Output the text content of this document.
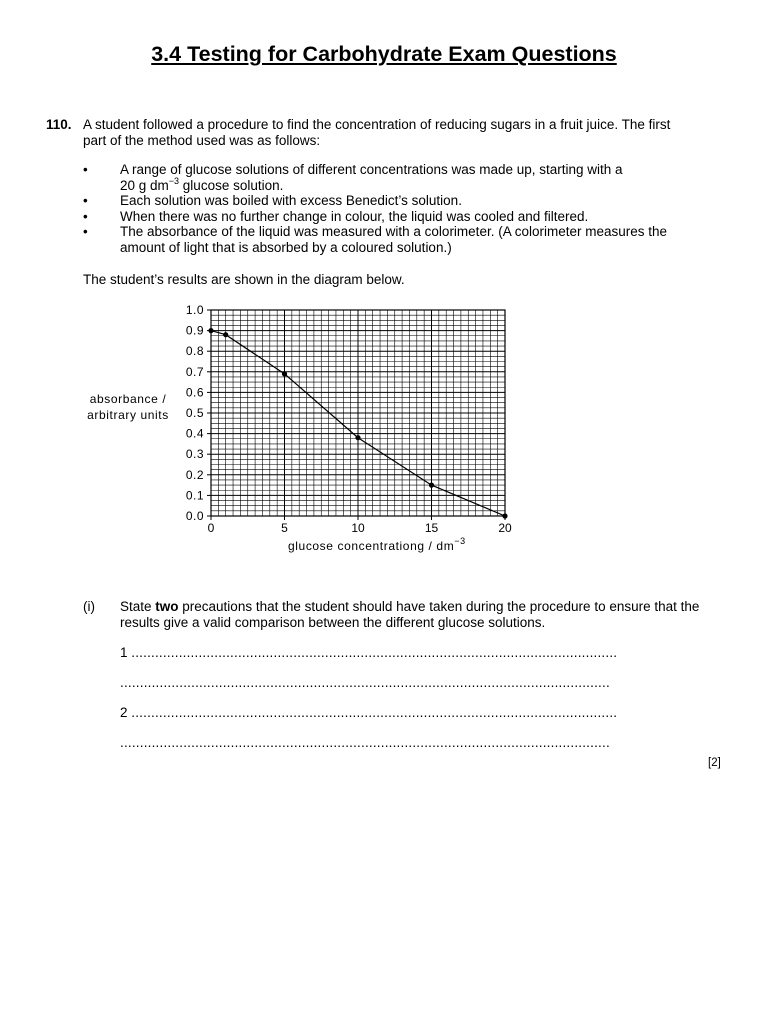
3.4 Testing for Carbohydrate Exam Questions
110. A student followed a procedure to find the concentration of reducing sugars in a fruit juice. The first part of the method used was as follows:
• A range of glucose solutions of different concentrations was made up, starting with a
20 g $dm^{-3}$ glucose solution.
• Each solution was boiled with excess Benedict’s solution.
• When there was no further change in colour, the liquid was cooled and filtered.
• The absorbance of the liquid was measured with a colorimeter. (A colorimeter measures the amount of light that is absorbed by a coloured solution.)
The student’s results are shown in the diagram below.
0.0
0.1
0.2
0.3
0.4
0.5
0.6
0.7
0.8
0.9
1.0
0	5	10	15	20
absorbance /
arbitrary units
glucose concentrationg / $dm^{-3}$
(i) State two precautions that the student should have taken during the procedure to ensure that the results give a valid comparison between the different glucose solutions.
1 ...........................................................................................................................
............................................................................................................................
2 ...........................................................................................................................
............................................................................................................................
[2]
